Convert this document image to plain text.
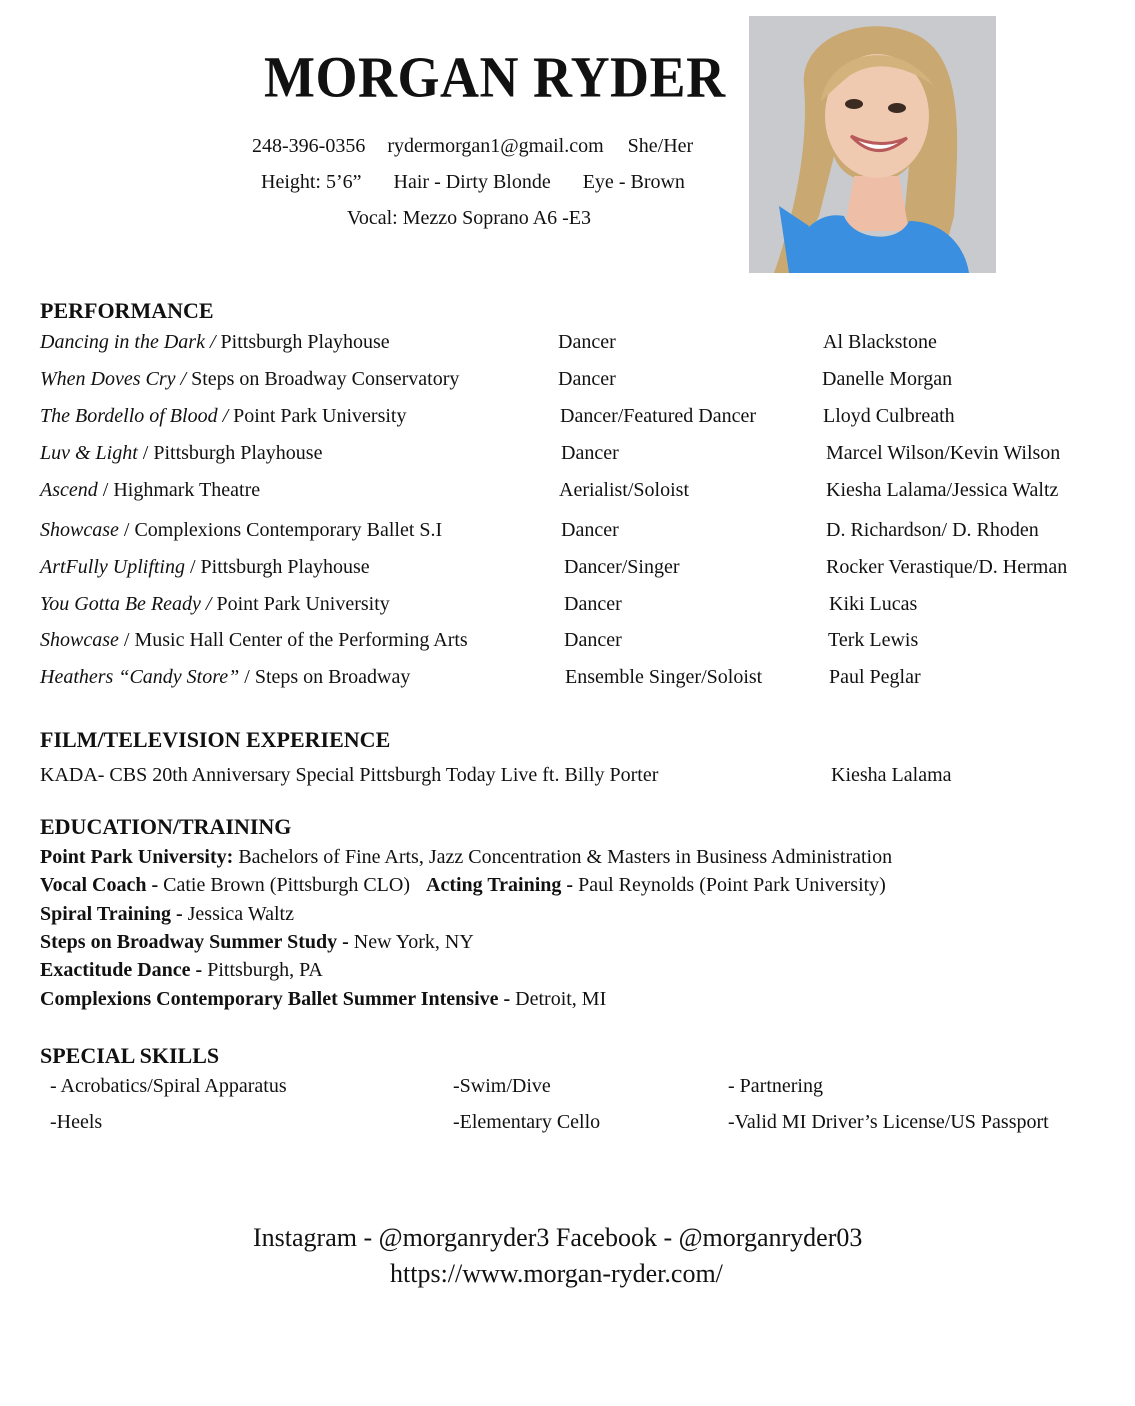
MORGAN RYDER
248-396-0356 rydermorgan1@gmail.com She/Her
Height: 5’6” Hair - Dirty Blonde Eye - Brown
Vocal: Mezzo Soprano A6 -E3
PERFORMANCE
Dancing in the Dark / Pittsburgh Playhouse	Dancer	Al Blackstone
When Doves Cry / Steps on Broadway Conservatory	Dancer	Danelle Morgan
The Bordello of Blood / Point Park University	Dancer/Featured Dancer	Lloyd Culbreath
Luv & Light / Pittsburgh Playhouse	Dancer	Marcel Wilson/Kevin Wilson
Ascend / Highmark Theatre	Aerialist/Soloist	Kiesha Lalama/Jessica Waltz
Showcase / Complexions Contemporary Ballet S.I	Dancer	D. Richardson/ D. Rhoden
ArtFully Uplifting / Pittsburgh Playhouse	Dancer/Singer	Rocker Verastique/D. Herman
You Gotta Be Ready / Point Park University	Dancer	Kiki Lucas
Showcase / Music Hall Center of the Performing Arts	Dancer	Terk Lewis
Heathers “Candy Store” / Steps on Broadway	Ensemble Singer/Soloist	Paul Peglar
FILM/TELEVISION EXPERIENCE
KADA- CBS 20th Anniversary Special Pittsburgh Today Live ft. Billy Porter	Kiesha Lalama
EDUCATION/TRAINING
Point Park University: Bachelors of Fine Arts, Jazz Concentration & Masters in Business Administration
Vocal Coach - Catie Brown (Pittsburgh CLO) Acting Training - Paul Reynolds (Point Park University)
Spiral Training - Jessica Waltz
Steps on Broadway Summer Study - New York, NY
Exactitude Dance - Pittsburgh, PA
Complexions Contemporary Ballet Summer Intensive - Detroit, MI
SPECIAL SKILLS
- Acrobatics/Spiral Apparatus	-Swim/Dive	- Partnering
-Heels	-Elementary Cello	-Valid MI Driver’s License/US Passport
Instagram - @morganryder3 Facebook - @morganryder03
https://www.morgan-ryder.com/
